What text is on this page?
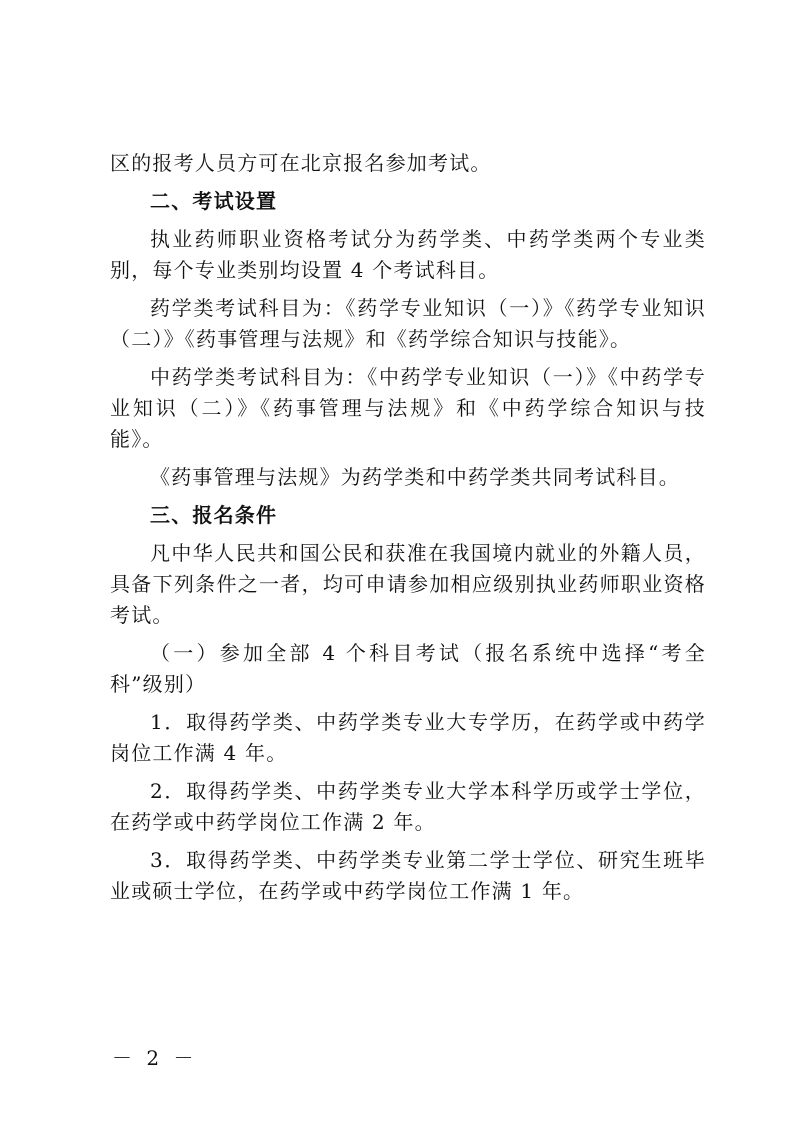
区的报考人员方可在北京报名参加考试。

二、考试设置

执业药师职业资格考试分为药学类、中药学类两个专业类别，每个专业类别均设置 4 个考试科目。

药学类考试科目为：《药学专业知识（一）》《药学专业知识（二）》《药事管理与法规》和《药学综合知识与技能》。

中药学类考试科目为：《中药学专业知识（一）》《中药学专业知识（二）》《药事管理与法规》和《中药学综合知识与技能》。

《药事管理与法规》为药学类和中药学类共同考试科目。

三、报名条件

凡中华人民共和国公民和获准在我国境内就业的外籍人员，具备下列条件之一者，均可申请参加相应级别执业药师职业资格考试。

（一）参加全部 4 个科目考试（报名系统中选择“考全科”级别）

1．取得药学类、中药学类专业大专学历，在药学或中药学岗位工作满 4 年。

2．取得药学类、中药学类专业大学本科学历或学士学位，在药学或中药学岗位工作满 2 年。

3．取得药学类、中药学类专业第二学士学位、研究生班毕业或硕士学位，在药学或中药学岗位工作满 1 年。

－ 2 －
